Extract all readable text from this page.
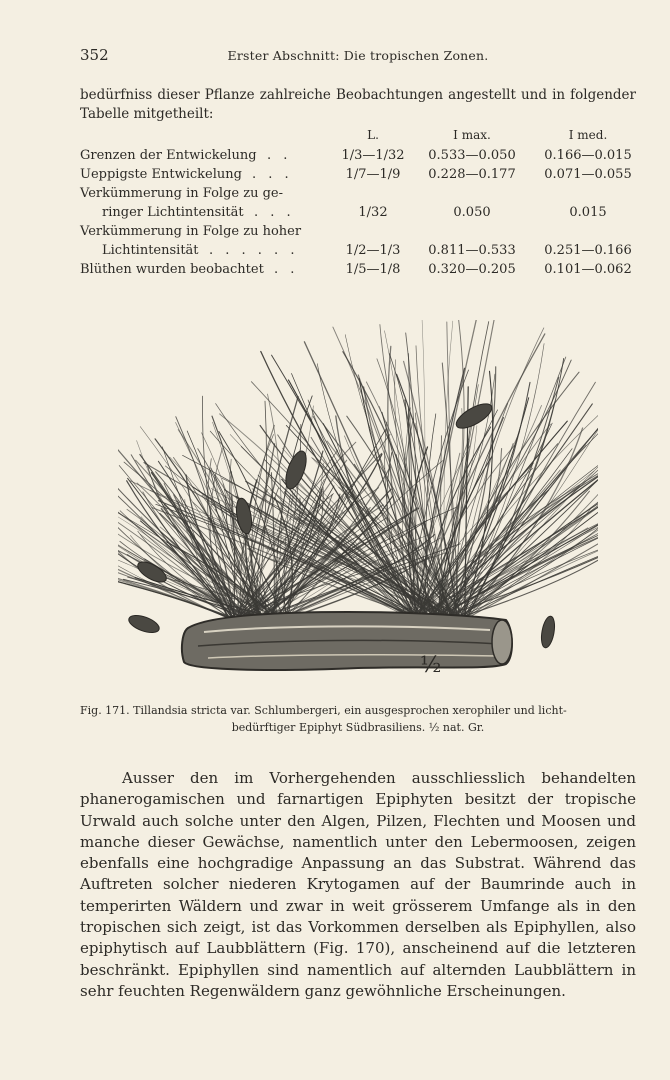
352	Erster Abschnitt: Die tropischen Zonen.
bedürfniss dieser Pflanze zahlreiche Beobachtungen angestellt und in folgender Tabelle mitgetheilt:
L.	I max.	I med.
Grenzen der Entwickelung . .	1/3—1/32	0.533—0.050	0.166—0.015
Ueppigste Entwickelung . . .	1/7—1/9	0.228—0.177	0.071—0.055
Verkümmerung in Folge zu ge-
ringer Lichtintensität . . .	1/32	0.050	0.015
Verkümmerung in Folge zu hoher
Lichtintensität . . . . . .	1/2—1/3	0.811—0.533	0.251—0.166
Blüthen wurden beobachtet . .	1/5—1/8	0.320—0.205	0.101—0.062
½
Fig. 171. Tillandsia stricta var. Schlumbergeri, ein ausgesprochen xerophiler und licht-
bedürftiger Epiphyt Südbrasiliens. ½ nat. Gr.

Ausser den im Vorhergehenden ausschliesslich behandelten phanerogamischen und farnartigen Epiphyten besitzt der tropische Urwald auch solche unter den Algen, Pilzen, Flechten und Moosen und manche dieser Gewächse, namentlich unter den Lebermoosen, zeigen ebenfalls eine hochgradige Anpassung an das Substrat. Während das Auftreten solcher niederen Krytogamen auf der Baumrinde auch in temperirten Wäldern und zwar in weit grösserem Umfange als in den tropischen sich zeigt, ist das Vorkommen derselben als Epiphyllen, also epiphytisch auf Laubblättern (Fig. 170), anscheinend auf die letzteren beschränkt. Epiphyllen sind namentlich auf alternden Laubblättern in sehr feuchten Regenwäldern ganz gewöhnliche Erscheinungen.
